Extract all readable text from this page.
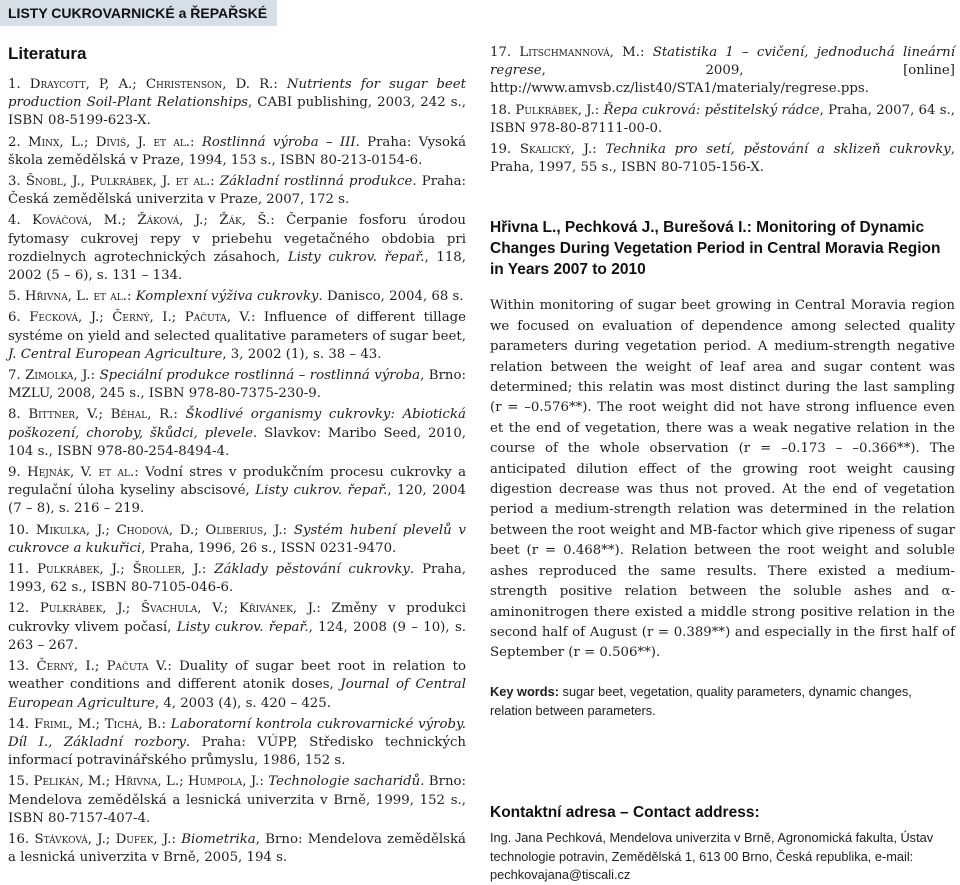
LISTY CUKROVARNICKÉ a ŘEPAŘSKÉ
Literatura
1. Draycott, P, A.; Christenson, D. R.: Nutrients for sugar beet production Soil-Plant Relationships, CABI publishing, 2003, 242 s., ISBN 08-5199-623-X.
2. Minx, L.; Diviš, J. et al.: Rostlinná výroba – III. Praha: Vysoká škola zemědělská v Praze, 1994, 153 s., ISBN 80-213-0154-6.
3. Šnobl, J., Pulkrábek, J. et al.: Základní rostlinná produkce. Praha: Česká zemědělská univerzita v Praze, 2007, 172 s.
4. Kováčová, M.; Žáková, J.; Žák, Š.: Čerpanie fosforu úrodou fytomasy cukrovej repy v priebehu vegetačného obdobia pri rozdielnych agrotechnických zásahoch, Listy cukrov. řepař., 118, 2002 (5 – 6), s. 131 – 134.
5. Hřivna, L. et al.: Komplexní výživa cukrovky. Danisco, 2004, 68 s.
6. Fecková, J.; Černý, I.; Pačuta, V.: Influence of different tillage systéme on yield and selected qualitative parameters of sugar beet, J. Central European Agriculture, 3, 2002 (1), s. 38 – 43.
7. Zimolka, J.: Speciální produkce rostlinná – rostlinná výroba, Brno: MZLU, 2008, 245 s., ISBN 978-80-7375-230-9.
8. Bittner, V.; Běhal, R.: Škodlivé organismy cukrovky: Abiotická poškození, choroby, škůdci, plevele. Slavkov: Maribo Seed, 2010, 104 s., ISBN 978-80-254-8494-4.
9. Hejnák, V. et al.: Vodní stres v produkčním procesu cukrovky a regulační úloha kyseliny abscisové, Listy cukrov. řepař., 120, 2004 (7 – 8), s. 216 – 219.
10. Mikulka, J.; Chodová, D.; Oliberius, J.: Systém hubení plevelů v cukrovce a kukuřici, Praha, 1996, 26 s., ISSN 0231-9470.
11. Pulkrábek, J.; Šroller, J.: Základy pěstování cukrovky. Praha, 1993, 62 s., ISBN 80-7105-046-6.
12. Pulkrábek, J.; Švachula, V.; Křivánek, J.: Změny v produkci cukrovky vlivem počasí, Listy cukrov. řepař., 124, 2008 (9 – 10), s. 263 – 267.
13. Černý, I.; Pačuta V.: Duality of sugar beet root in relation to weather conditions and different atonik doses, Journal of Central European Agriculture, 4, 2003 (4), s. 420 – 425.
14. Friml, M.; Tichá, B.: Laboratorní kontrola cukrovarnické výroby. Díl I., Základní rozbory. Praha: VÚPP, Středisko technických informací potravinářského průmyslu, 1986, 152 s.
15. Pelikán, M.; Hřivna, L.; Humpola, J.: Technologie sacharidů. Brno: Mendelova zemědělská a lesnická univerzita v Brně, 1999, 152 s., ISBN 80-7157-407-4.
16. Stávková, J.; Dufek, J.: Biometrika, Brno: Mendelova zemědělská a lesnická univerzita v Brně, 2005, 194 s.
17. Litschmannová, M.: Statistika 1 – cvičení, jednoduchá lineární regrese, 2009, [online] http://www.amvsb.cz/list40/STA1/materialy/regrese.pps.
18. Pulkrábek, J.: Řepa cukrová: pěstitelský rádce, Praha, 2007, 64 s., ISBN 978-80-87111-00-0.
19. Skalický, J.: Technika pro setí, pěstování a sklizeň cukrovky, Praha, 1997, 55 s., ISBN 80-7105-156-X.
Hřivna L., Pechková J., Burešová I.: Monitoring of Dynamic Changes During Vegetation Period in Central Moravia Region in Years 2007 to 2010

Within monitoring of sugar beet growing in Central Moravia region we focused on evaluation of dependence among selected quality parameters during vegetation period. A medium-strength negative relation between the weight of leaf area and sugar content was determined; this relatin was most distinct during the last sampling (r = –0.576**). The root weight did not have strong influence even et the end of vegetation, there was a weak negative relation in the course of the whole observation (r = –0.173 – –0.366**). The anticipated dilution effect of the growing root weight causing digestion decrease was thus not proved. At the end of vegetation period a medium-strength relation was determined in the relation between the root weight and MB-factor which give ripeness of sugar beet (r = 0.468**). Relation between the root weight and soluble ashes reproduced the same results. There existed a medium-strength positive relation between the soluble ashes and α-aminonitrogen there existed a middle strong positive relation in the second half of August (r = 0.389**) and especially in the first half of September (r = 0.506**).

Key words: sugar beet, vegetation, quality parameters, dynamic changes, relation between parameters.

Kontaktní adresa – Contact address:

Ing. Jana Pechková, Mendelova univerzita v Brně, Agronomická fakulta, Ústav technologie potravin, Zemědělská 1, 613 00 Brno, Česká republika, e-mail: pechkovajana@tiscali.cz
